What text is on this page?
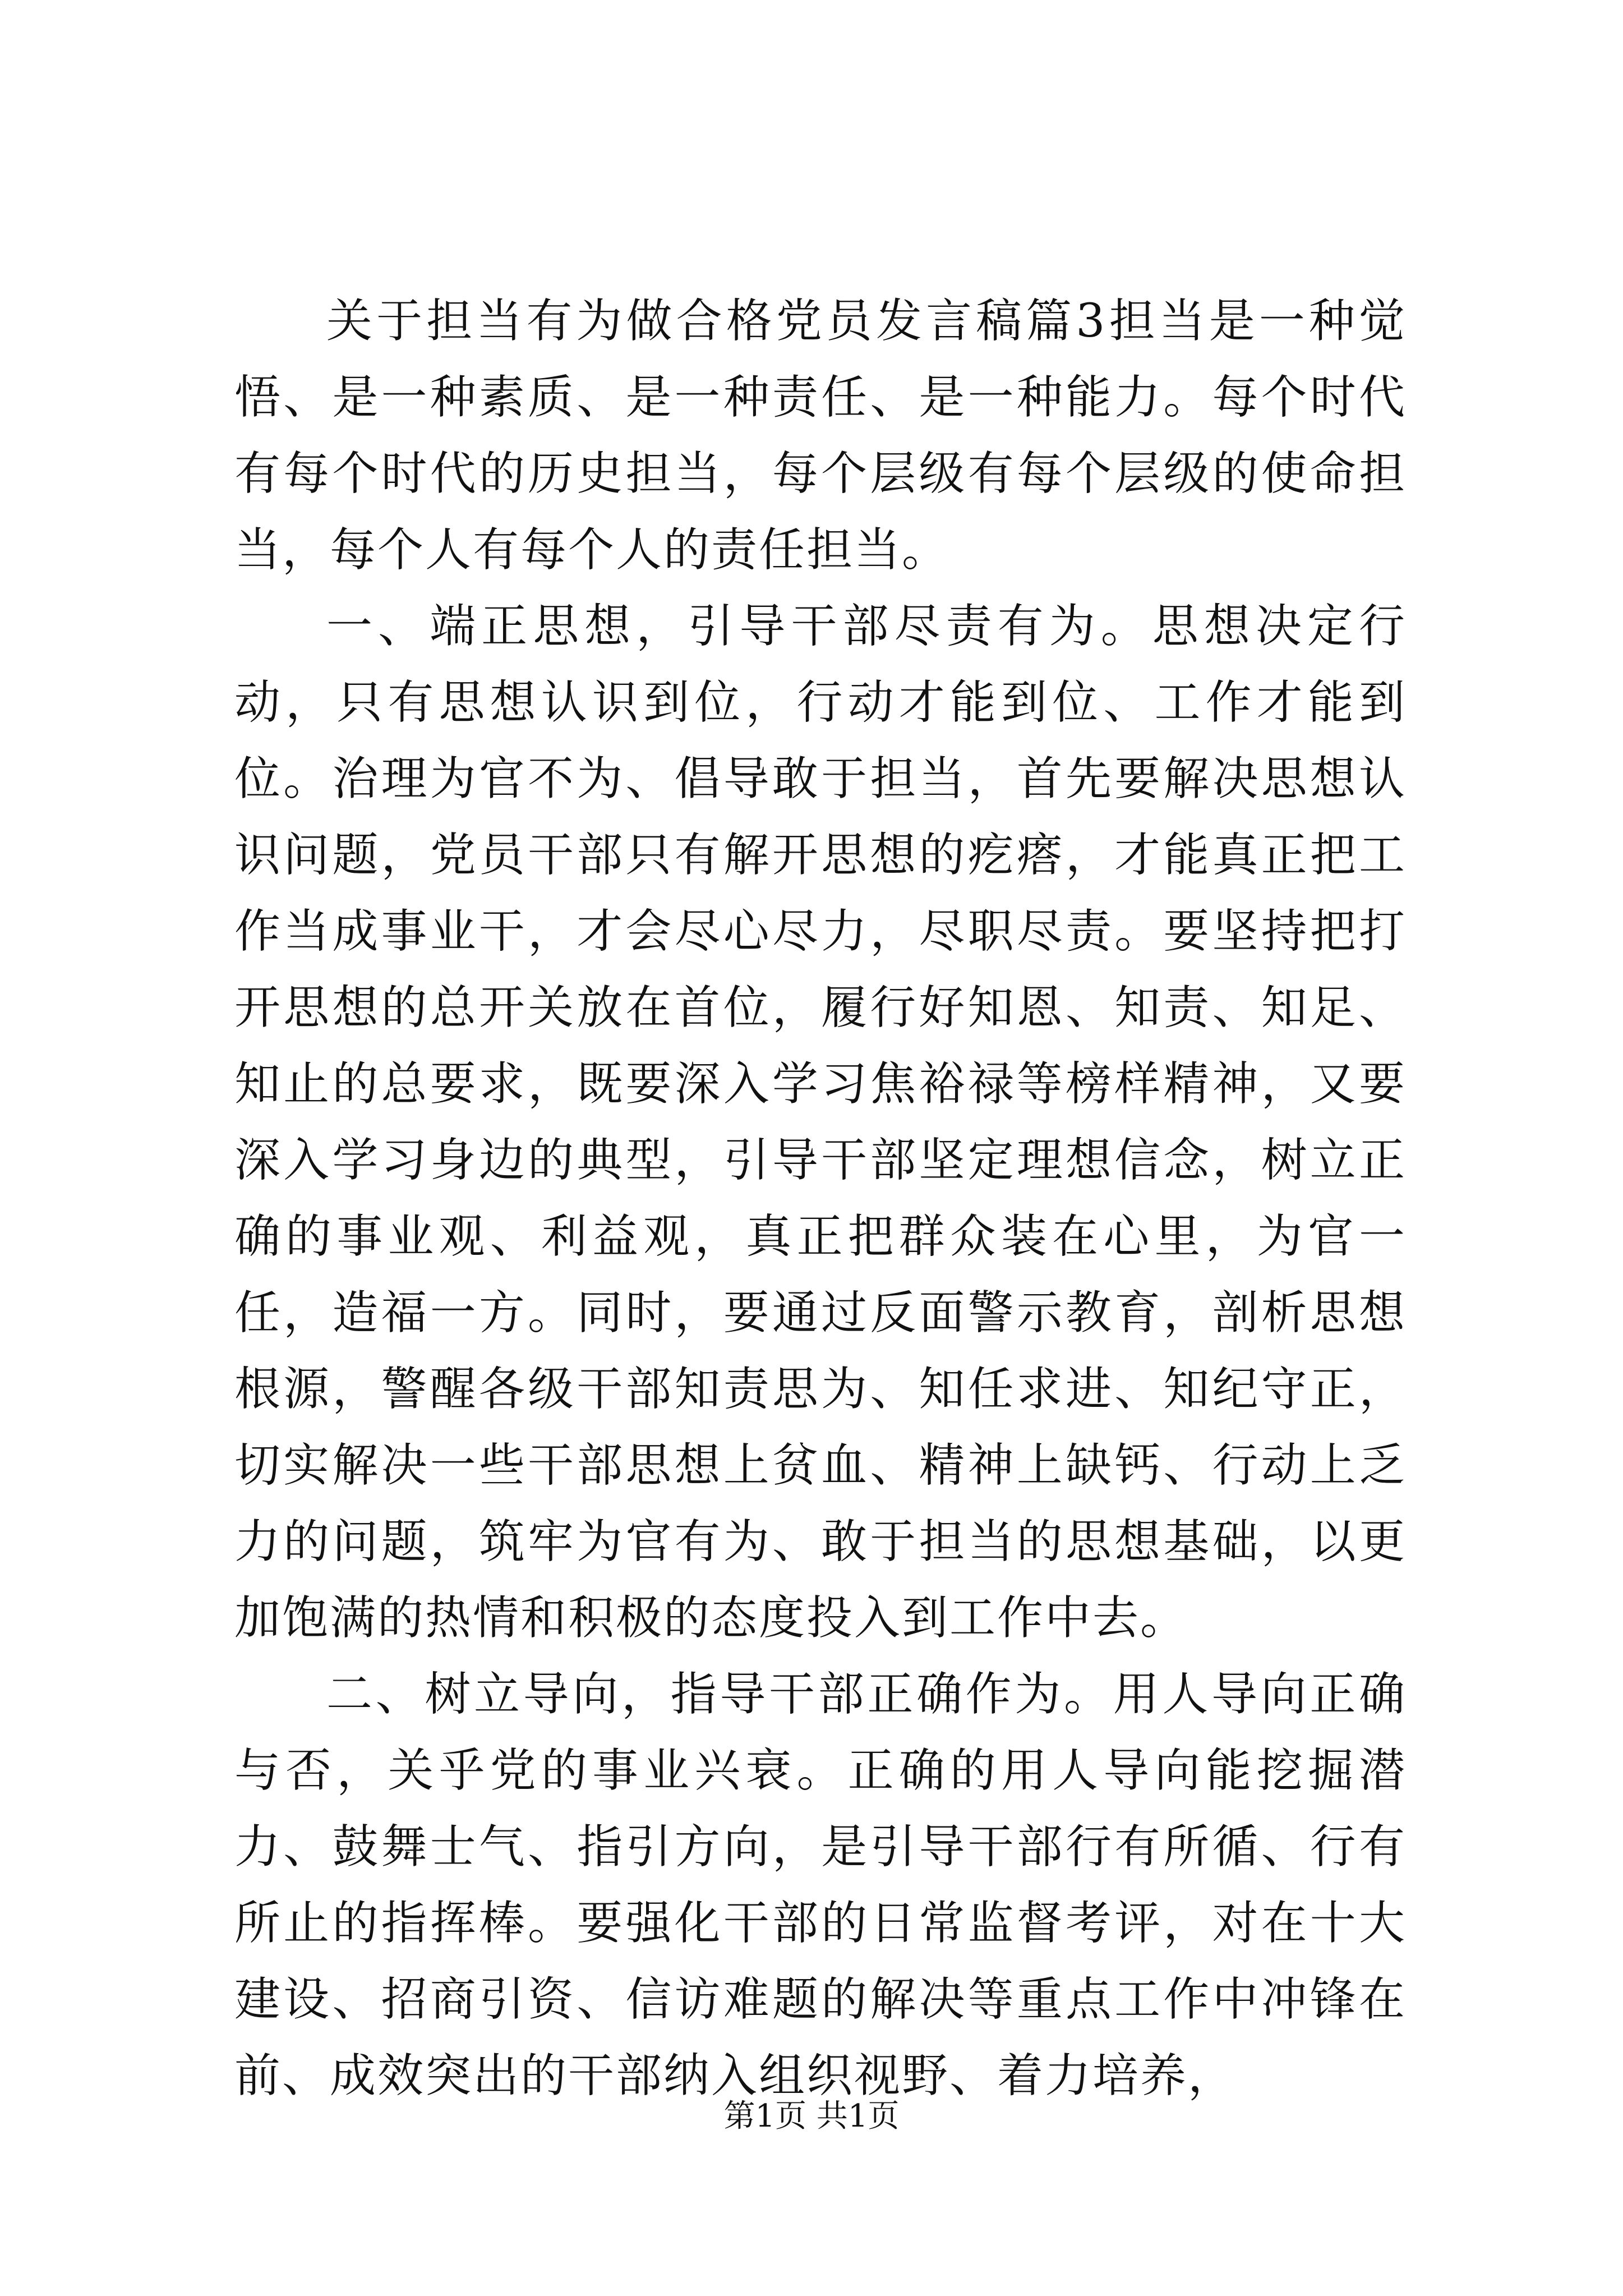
关于担当有为做合格党员发言稿篇3担当是一种觉悟、是一种素质、是一种责任、是一种能力。每个时代有每个时代的历史担当，每个层级有每个层级的使命担当，每个人有每个人的责任担当。

一、端正思想，引导干部尽责有为。思想决定行动，只有思想认识到位，行动才能到位、工作才能到位。治理为官不为、倡导敢于担当，首先要解决思想认识问题，党员干部只有解开思想的疙瘩，才能真正把工作当成事业干，才会尽心尽力，尽职尽责。要坚持把打开思想的总开关放在首位，履行好知恩、知责、知足、知止的总要求，既要深入学习焦裕禄等榜样精神，又要深入学习身边的典型，引导干部坚定理想信念，树立正确的事业观、利益观，真正把群众装在心里，为官一任，造福一方。同时，要通过反面警示教育，剖析思想根源，警醒各级干部知责思为、知任求进、知纪守正，切实解决一些干部思想上贫血、精神上缺钙、行动上乏力的问题，筑牢为官有为、敢于担当的思想基础，以更加饱满的热情和积极的态度投入到工作中去。

二、树立导向，指导干部正确作为。用人导向正确与否，关乎党的事业兴衰。正确的用人导向能挖掘潜力、鼓舞士气、指引方向，是引导干部行有所循、行有所止的指挥棒。要强化干部的日常监督考评，对在十大建设、招商引资、信访难题的解决等重点工作中冲锋在前、成效突出的干部纳入组织视野、着力培养，

第1页 共1页
